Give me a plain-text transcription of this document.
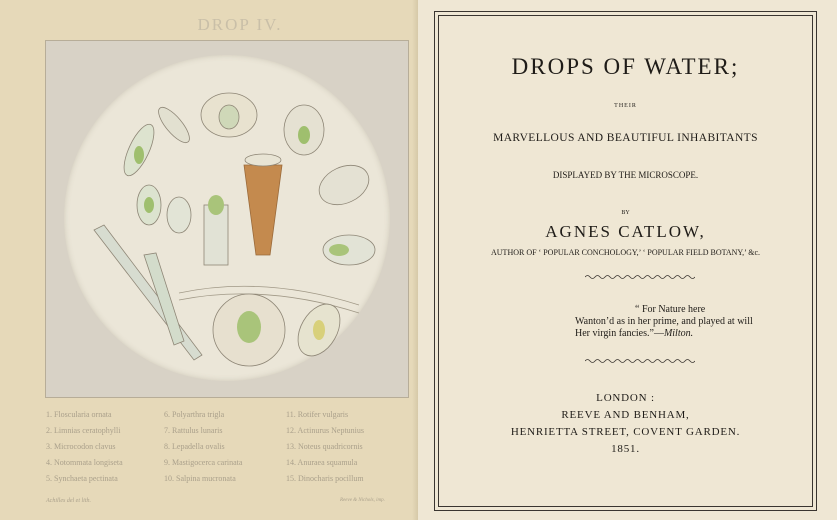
DROP IV.
1. Floscularia ornata
2. Limnias ceratophylli
3. Microcodon clavus
4. Notommata longiseta
5. Synchaeta pectinata
6. Polyarthra trigla
7. Rattulus lunaris
8. Lepadella ovalis
9. Mastigocerca carinata
10. Salpina mucronata
11. Rotifer vulgaris
12. Actinurus Neptunius
13. Noteus quadricornis
14. Anuraea squamula
15. Dinocharis pocillum
Achilles del et lith.	Reeve & Nichols, imp.
DROPS OF WATER;
THEIR
MARVELLOUS AND BEAUTIFUL INHABITANTS
DISPLAYED BY THE MICROSCOPE.
BY
AGNES CATLOW,
AUTHOR OF ‘ POPULAR CONCHOLOGY,’ ‘ POPULAR FIELD BOTANY,’ &c.
“ For Nature here
Wanton’d as in her prime, and played at will
Her virgin fancies.”—Milton.
LONDON :
REEVE AND BENHAM,
HENRIETTA STREET, COVENT GARDEN.
1851.
